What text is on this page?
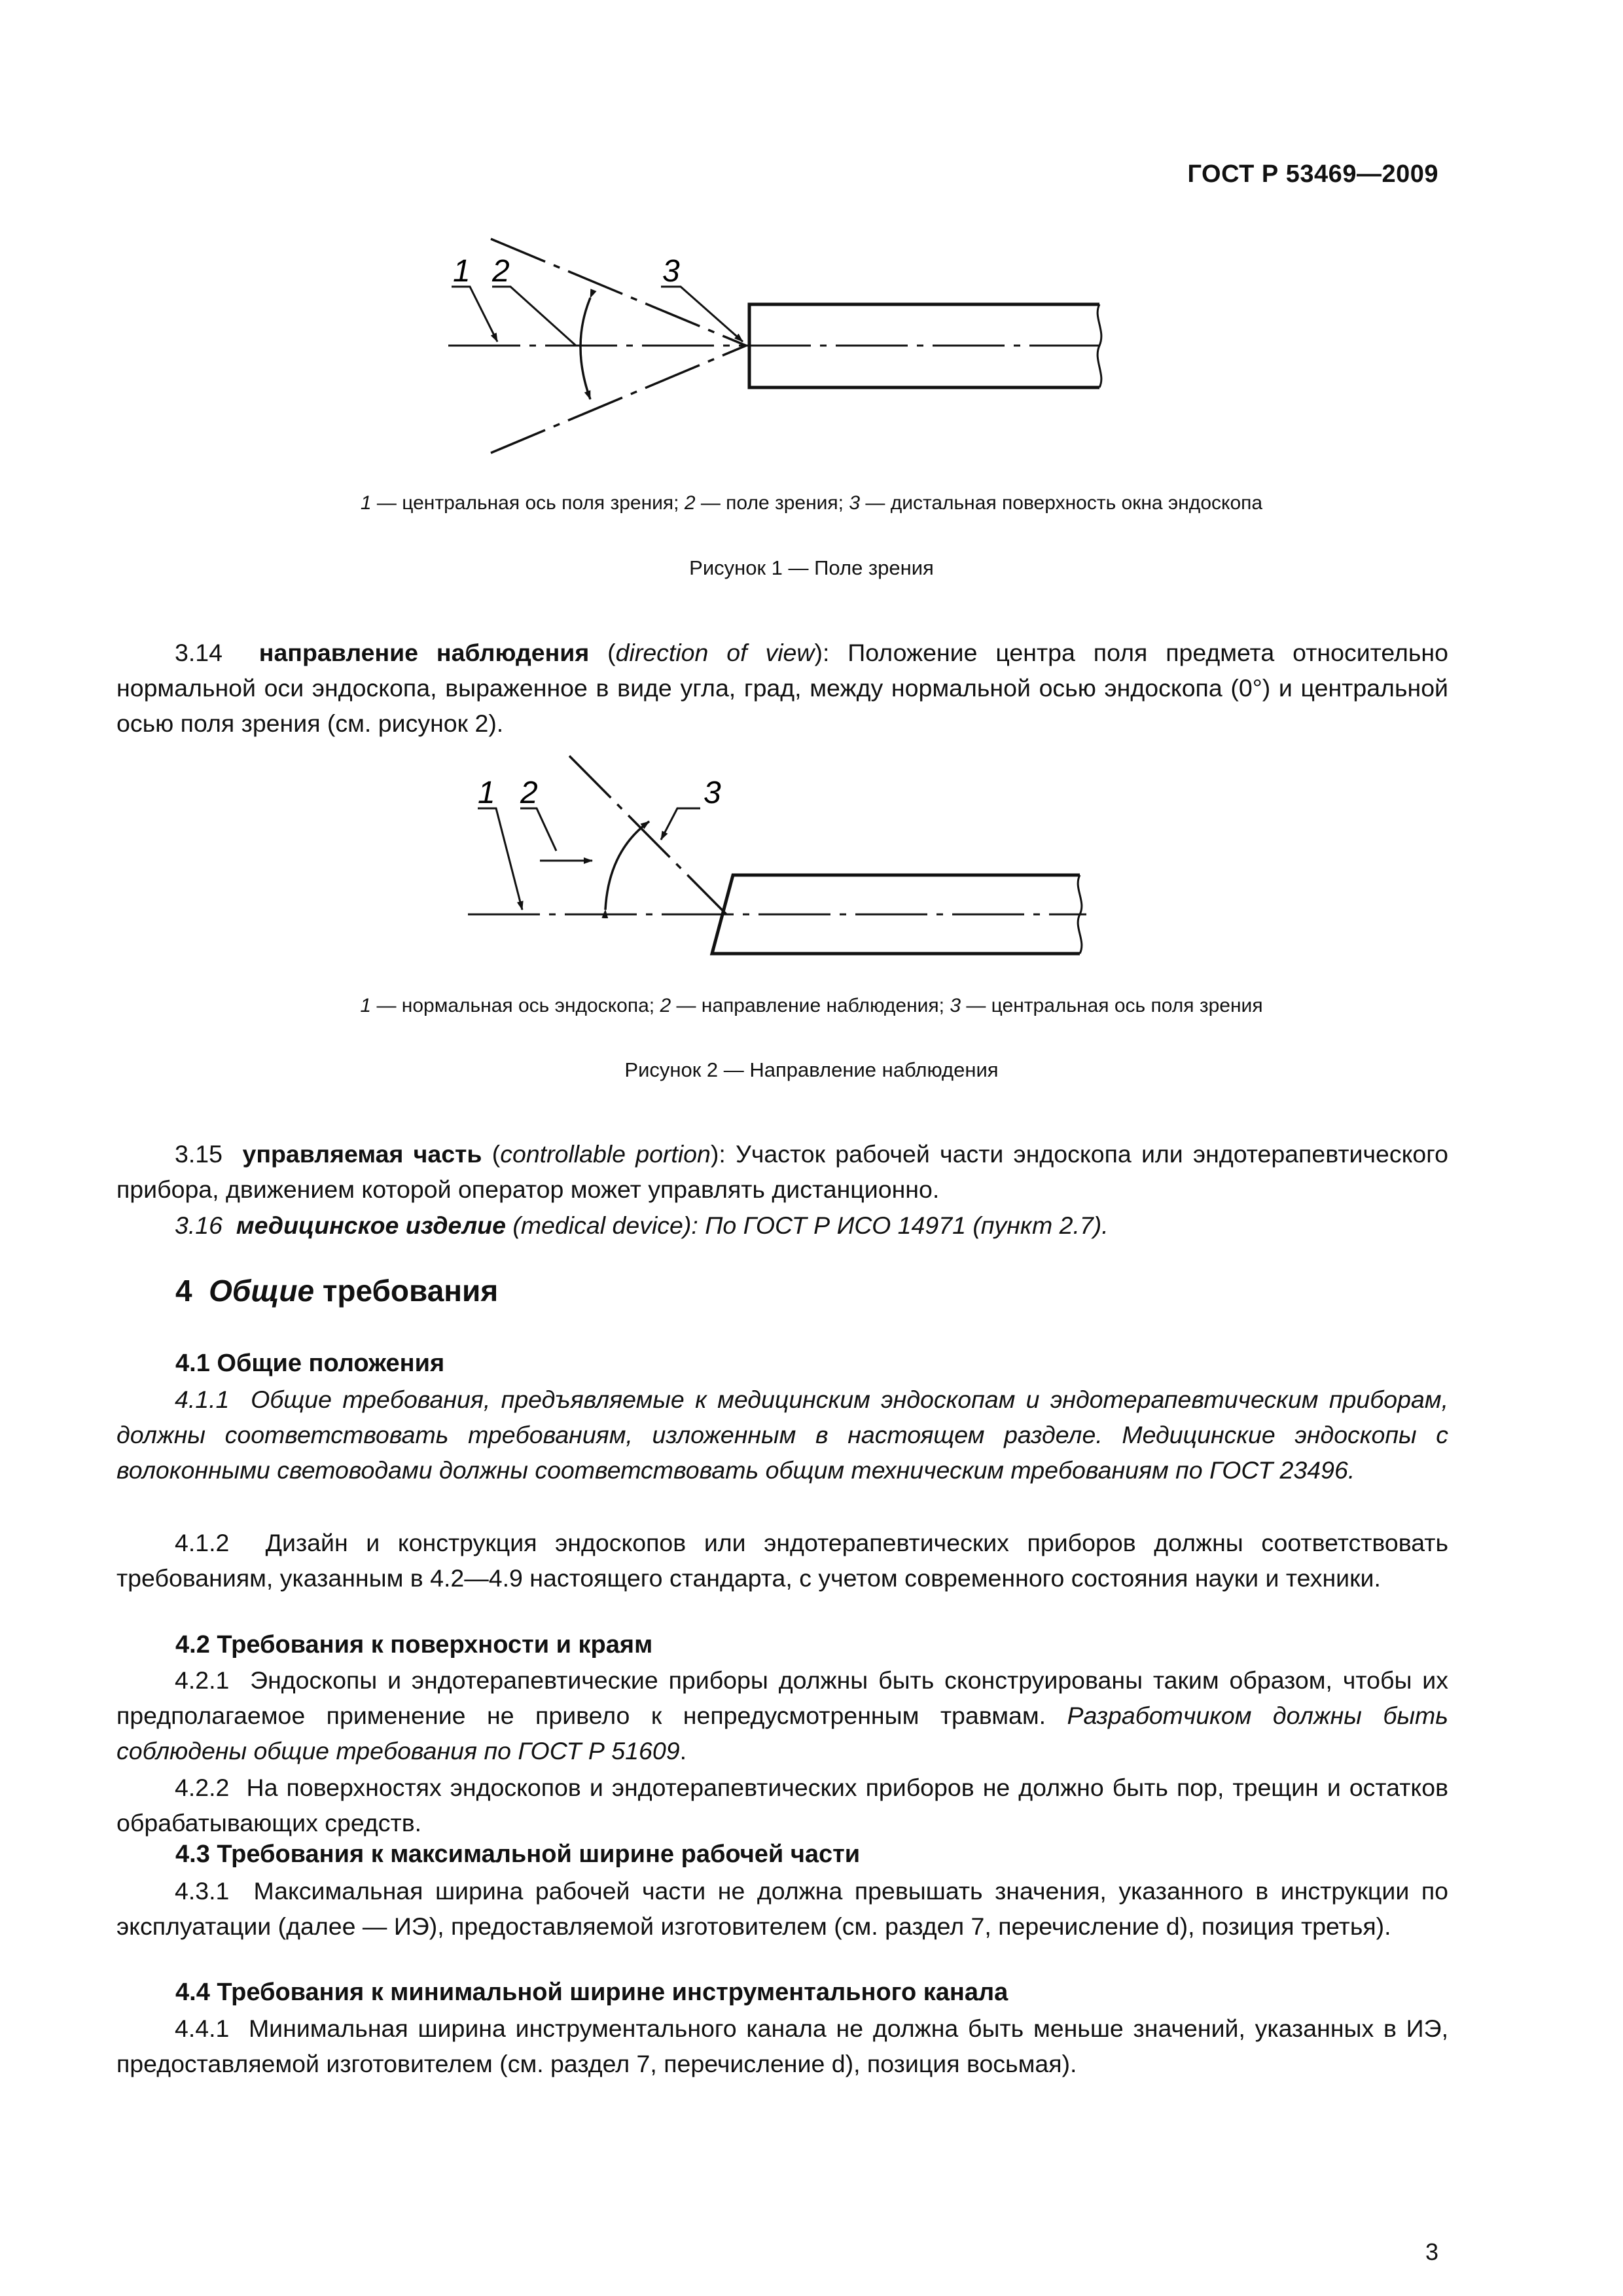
ГОСТ Р 53469—2009
1 2	3
1 — центральная ось поля зрения; 2 — поле зрения; 3 — дистальная поверхность окна эндоскопа
Рисунок 1 — Поле зрения

3.14 направление наблюдения (direction of view): Положение центра поля предмета относительно нормальной оси эндоскопа, выраженное в виде угла, град, между нормальной осью эндоскопа (0°) и центральной осью поля зрения (см. рисунок 2).

1 2	3
1 — нормальная ось эндоскопа; 2 — направление наблюдения; 3 — центральная ось поля зрения
Рисунок 2 — Направление наблюдения

3.15 управляемая часть (controllable portion): Участок рабочей части эндоскопа или эндотерапевтического прибора, движением которой оператор может управлять дистанционно.

3.16 медицинское изделие (medical device): По ГОСТ Р ИСО 14971 (пункт 2.7).

4 Общие требования
4.1 Общие положения

4.1.1 Общие требования, предъявляемые к медицинским эндоскопам и эндотерапевтическим приборам, должны соответствовать требованиям, изложенным в настоящем разделе. Медицинские эндоскопы с волоконными световодами должны соответствовать общим техническим требованиям по ГОСТ 23496.

4.1.2 Дизайн и конструкция эндоскопов или эндотерапевтических приборов должны соответствовать требованиям, указанным в 4.2—4.9 настоящего стандарта, с учетом современного состояния науки и техники.

4.2 Требования к поверхности и краям

4.2.1 Эндоскопы и эндотерапевтические приборы должны быть сконструированы таким образом, чтобы их предполагаемое применение не привело к непредусмотренным травмам. Разработчиком должны быть соблюдены общие требования по ГОСТ Р 51609.

4.2.2 На поверхностях эндоскопов и эндотерапевтических приборов не должно быть пор, трещин и остатков обрабатывающих средств.

4.3 Требования к максимальной ширине рабочей части

4.3.1 Максимальная ширина рабочей части не должна превышать значения, указанного в инструкции по эксплуатации (далее — ИЭ), предоставляемой изготовителем (см. раздел 7, перечисление d), позиция третья).

4.4 Требования к минимальной ширине инструментального канала

4.4.1 Минимальная ширина инструментального канала не должна быть меньше значений, указанных в ИЭ, предоставляемой изготовителем (см. раздел 7, перечисление d), позиция восьмая).

3
